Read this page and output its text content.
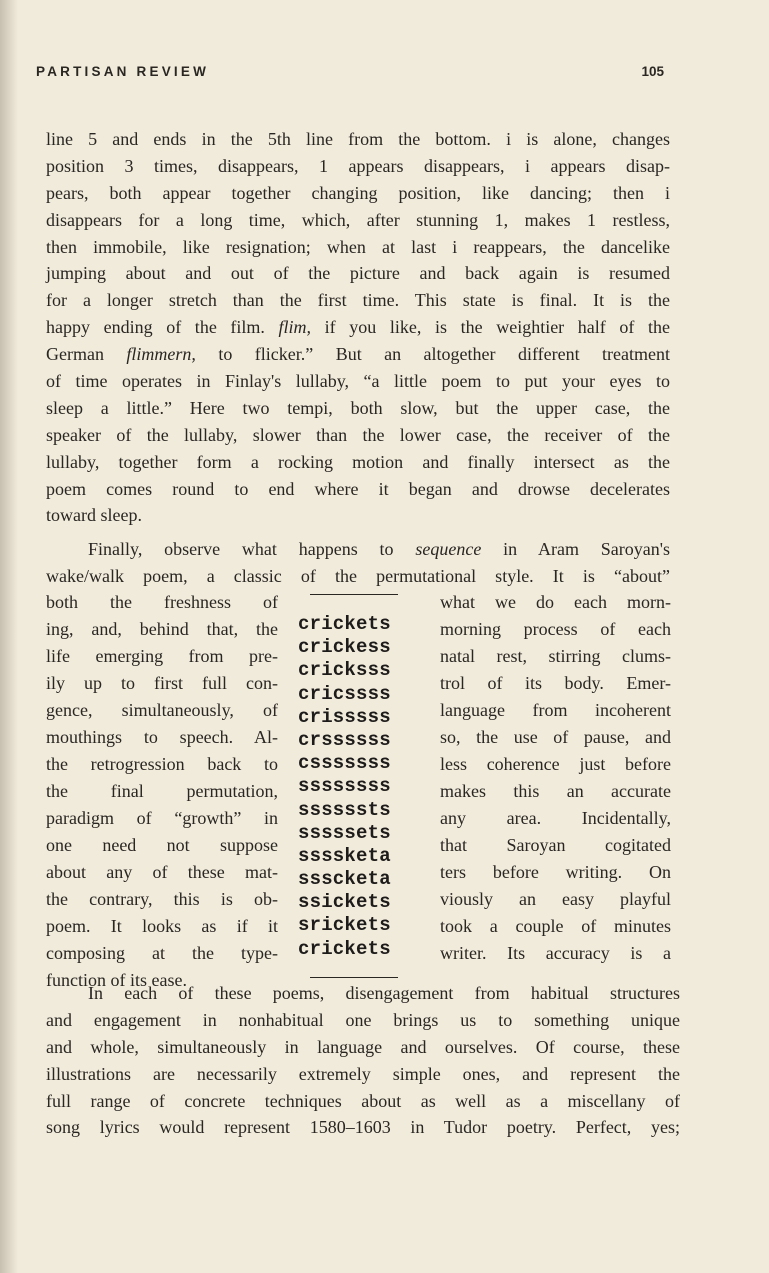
PARTISAN REVIEW	105
line 5 and ends in the 5th line from the bottom. i is alone, changes
position 3 times, disappears, 1 appears disappears, i appears disap-
pears, both appear together changing position, like dancing; then i
disappears for a long time, which, after stunning 1, makes 1 restless,
then immobile, like resignation; when at last i reappears, the dancelike
jumping about and out of the picture and back again is resumed
for a longer stretch than the first time. This state is final. It is the
happy ending of the film. flim, if you like, is the weightier half of the
German flimmern, to flicker.” But an altogether different treatment
of time operates in Finlay's lullaby, “a little poem to put your eyes to
sleep a little.” Here two tempi, both slow, but the upper case, the
speaker of the lullaby, slower than the lower case, the receiver of the
lullaby, together form a rocking motion and finally intersect as the
poem comes round to end where it began and drowse decelerates
toward sleep.
Finally, observe what happens to sequence in Aram Saroyan's
wake/walk poem, a classic of the permutational style. It is “about”
both the freshness of
ing, and, behind that, the
life emerging from pre-
ily up to first full con-
gence, simultaneously, of
mouthings to speech. Al-
the retrogression back to
the final permutation,
paradigm of “growth” in
one need not suppose
about any of these mat-
the contrary, this is ob-
poem. It looks as if it
composing at the type-
function of its ease.
crickets
crickess
cricksss
cricssss
crisssss
crssssss
csssssss
ssssssss
ssssssts
sssssets
ssssketa
ssscketa
ssickets
srickets
crickets
what we do each morn-
morning process of each
natal rest, stirring clums-
trol of its body. Emer-
language from incoherent
so, the use of pause, and
less coherence just before
makes this an accurate
any area. Incidentally,
that Saroyan cogitated
ters before writing. On
viously an easy playful
took a couple of minutes
writer. Its accuracy is a
In each of these poems, disengagement from habitual structures
and engagement in nonhabitual one brings us to something unique
and whole, simultaneously in language and ourselves. Of course, these
illustrations are necessarily extremely simple ones, and represent the
full range of concrete techniques about as well as a miscellany of
song lyrics would represent 1580–1603 in Tudor poetry. Perfect, yes;
